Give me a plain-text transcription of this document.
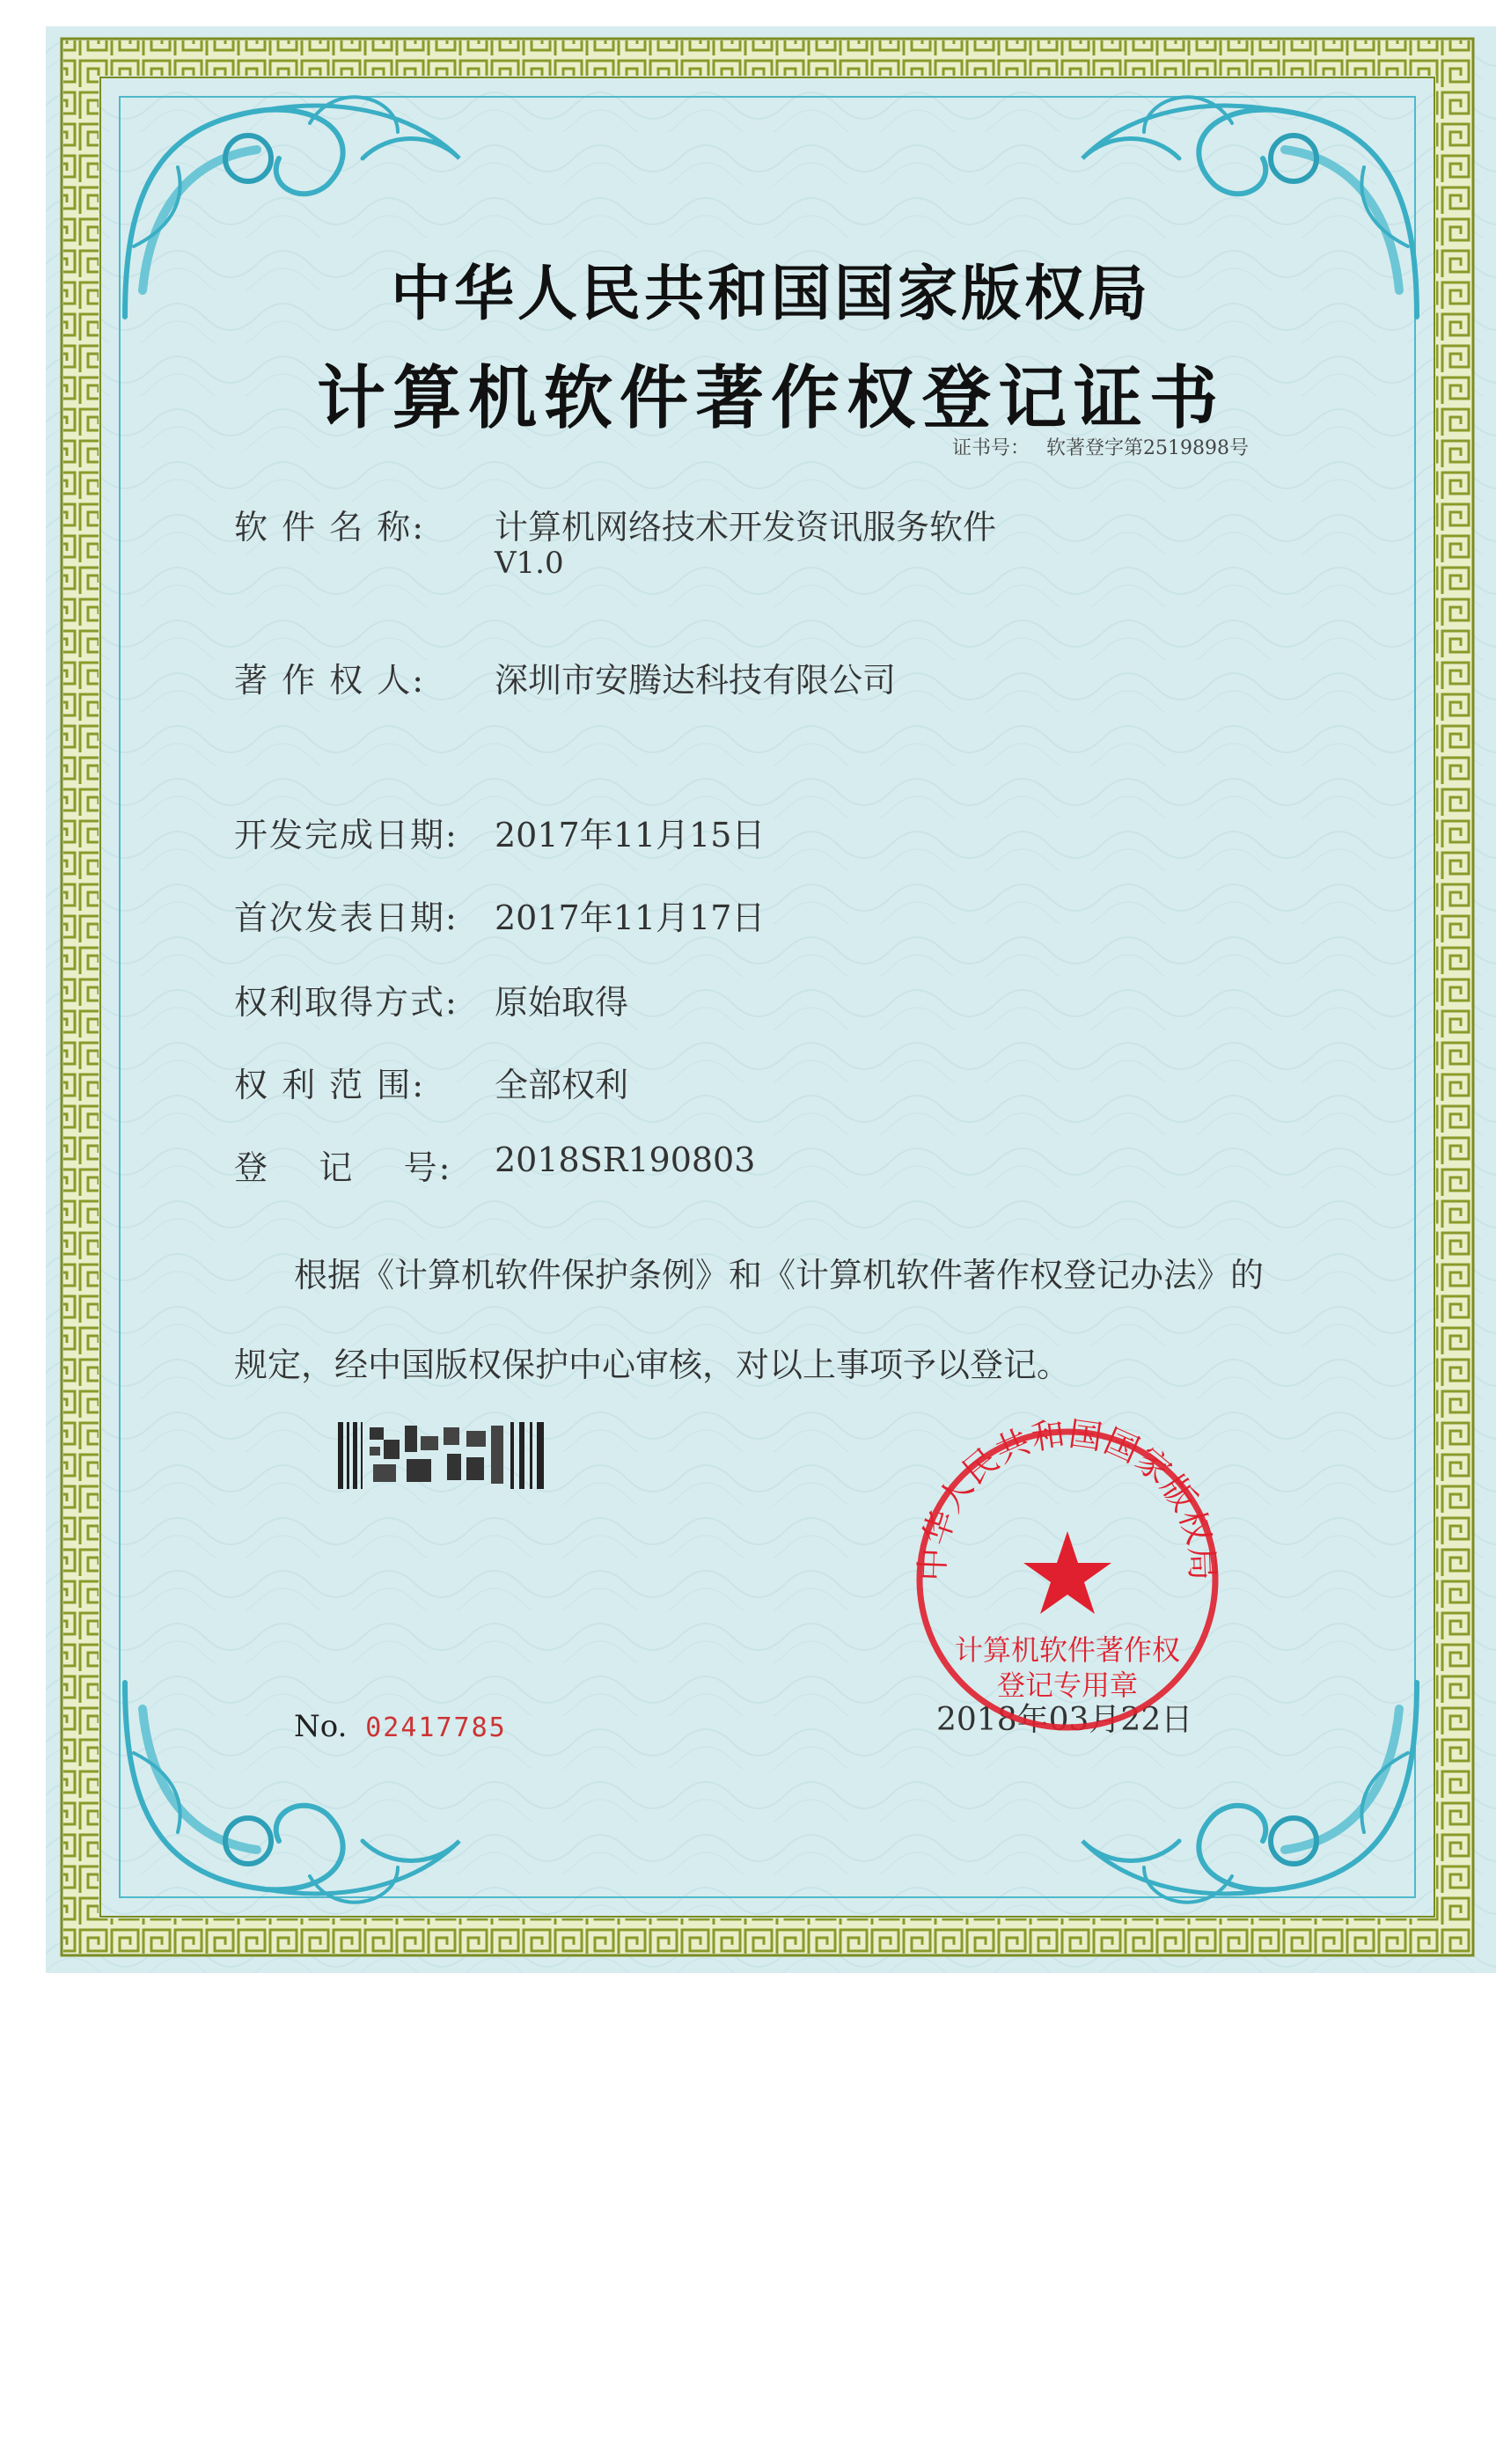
中华人民共和国国家版权局
计算机软件著作权登记证书
证书号： 软著登字第2519898号
软 件 名 称: 计算机网络技术开发资讯服务软件
V1.0
著 作 权 人: 深圳市安腾达科技有限公司
开发完成日期: 2017年11月15日
首次发表日期: 2017年11月17日
权利取得方式: 原始取得
权 利 范 围: 全部权利
登    记    号: 2018SR190803
根据《计算机软件保护条例》和《计算机软件著作权登记办法》的
规定，经中国版权保护中心审核，对以上事项予以登记。
No. 02417785	2018年03月22日
中华人民共和国国家版权局
计算机软件著作权
登记专用章
